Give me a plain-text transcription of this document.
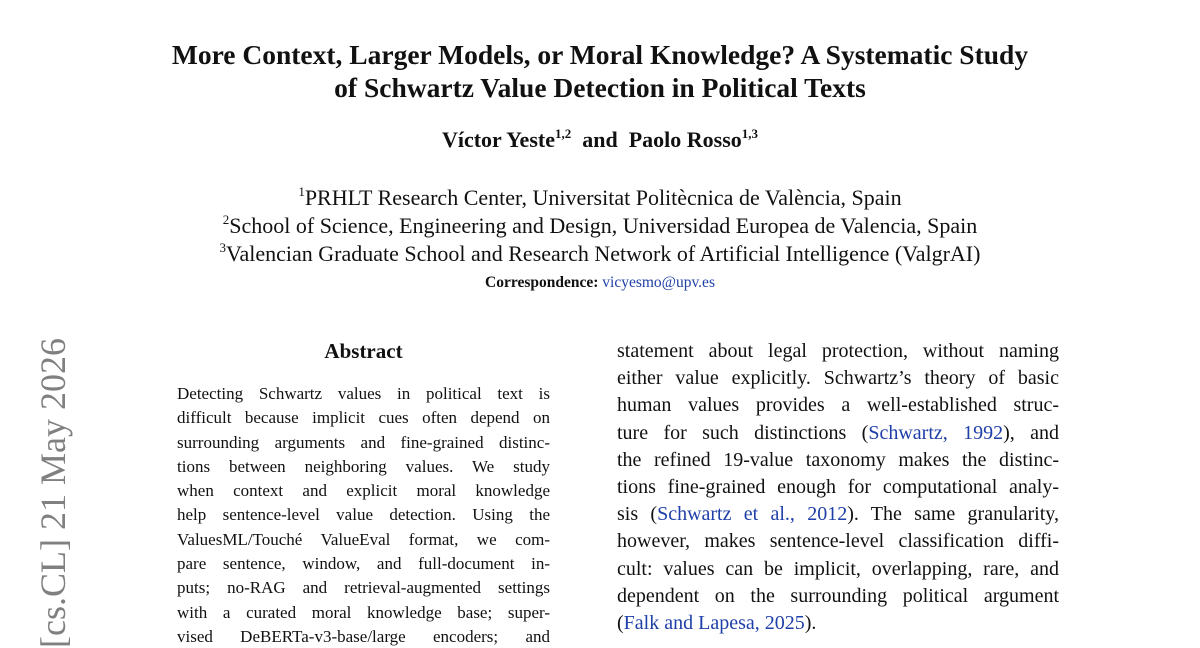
More Context, Larger Models, or Moral Knowledge? A Systematic Study
of Schwartz Value Detection in Political Texts
Víctor Yeste$^{1,2}$ and Paolo Rosso$^{1,3}$
$^1$PRHLT Research Center, Universitat Politècnica de València, Spain
$^2$School of Science, Engineering and Design, Universidad Europea de Valencia, Spain
$^3$Valencian Graduate School and Research Network of Artificial Intelligence (ValgrAI)
Correspondence: vicyesmo@upv.es
Abstract
Detecting Schwartz values in political text is
difficult because implicit cues often depend on
surrounding arguments and fine-grained distinc-
tions between neighboring values. We study
when context and explicit moral knowledge
help sentence-level value detection. Using the
ValuesML/Touché ValueEval format, we com-
pare sentence, window, and full-document in-
puts; no-RAG and retrieval-augmented settings
with a curated moral knowledge base; super-
vised DeBERTa-v3-base/large encoders; and
statement about legal protection, without naming
either value explicitly. Schwartz’s theory of basic
human values provides a well-established struc-
ture for such distinctions (Schwartz, 1992), and
the refined 19-value taxonomy makes the distinc-
tions fine-grained enough for computational analy-
sis (Schwartz et al., 2012). The same granularity,
however, makes sentence-level classification diffi-
cult: values can be implicit, overlapping, rare, and
dependent on the surrounding political argument
(Falk and Lapesa, 2025).
[cs.CL] 21 May 2026
